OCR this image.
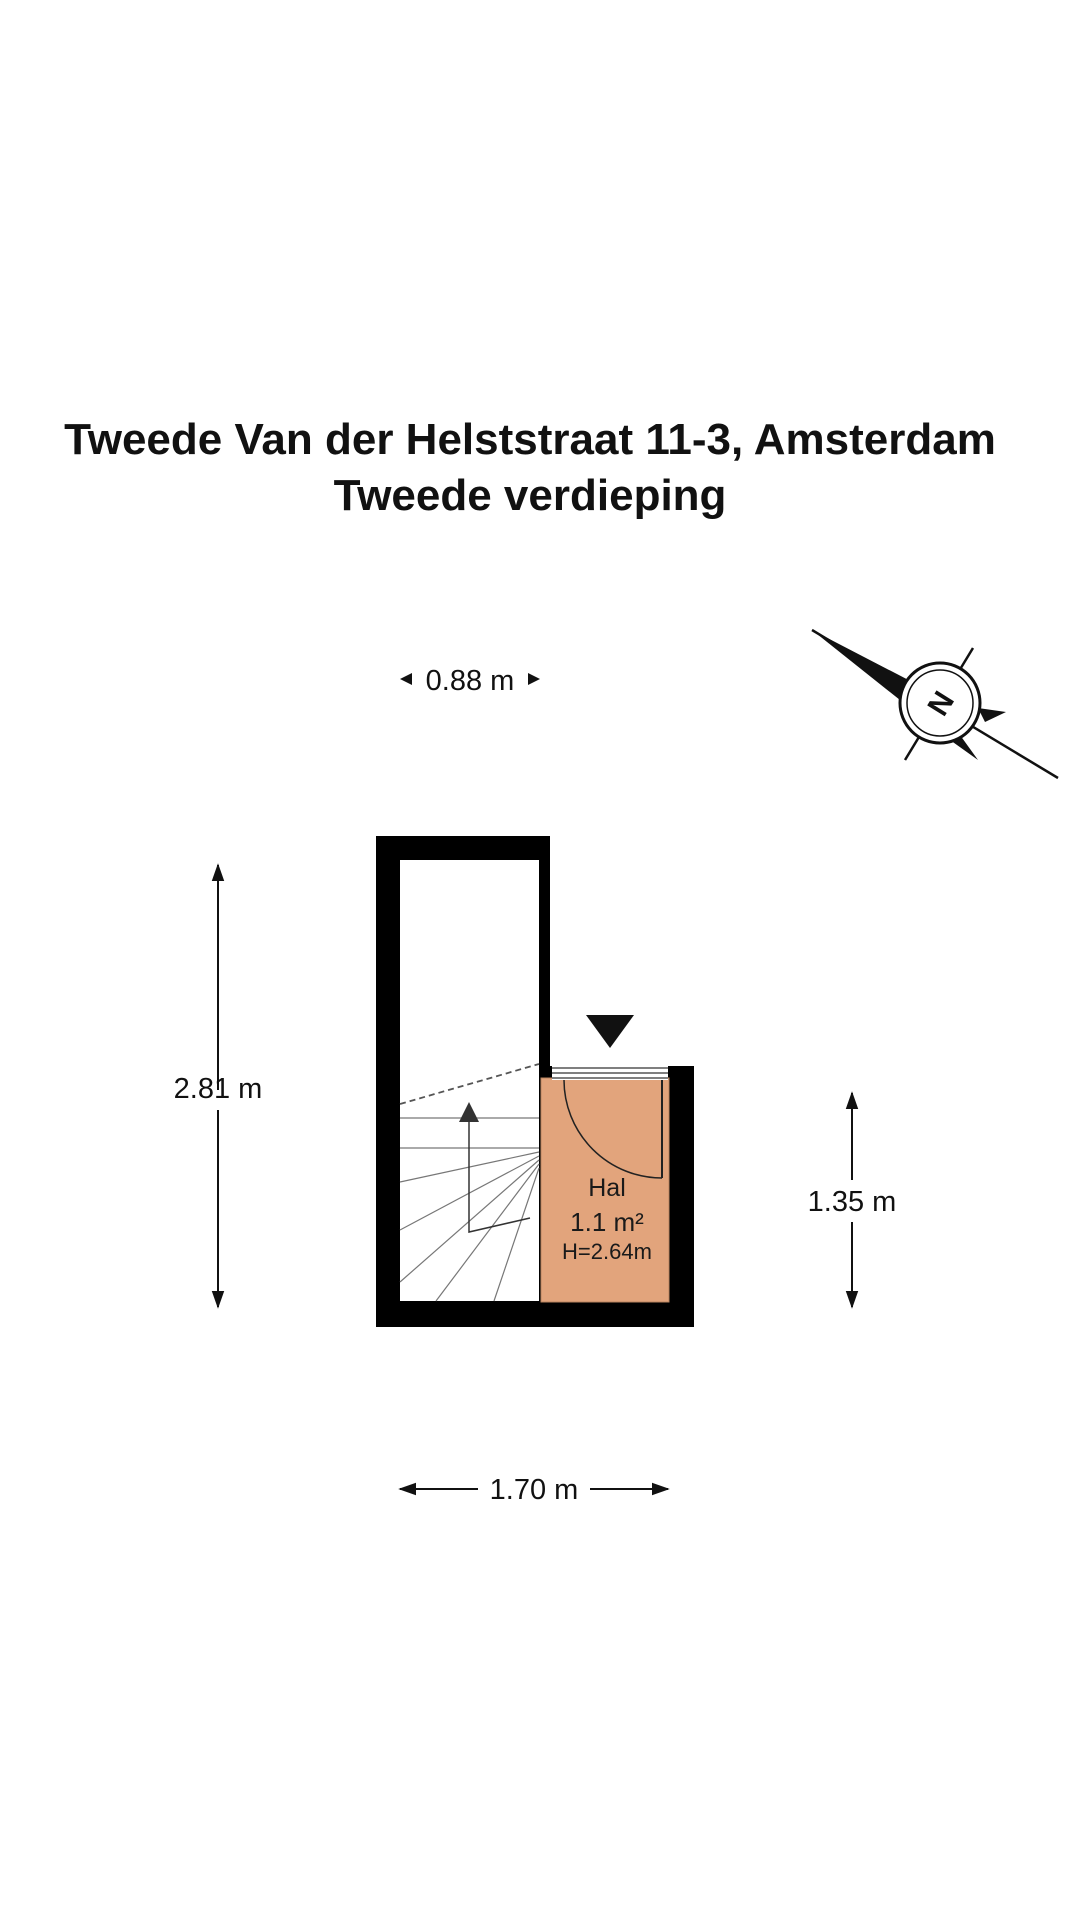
Tweede Van der Helststraat 11-3, Amsterdam
Tweede verdieping
N
0.88 m
2.81 m
1.35 m
1.70 m
Hal
1.1 m²
H=2.64m
